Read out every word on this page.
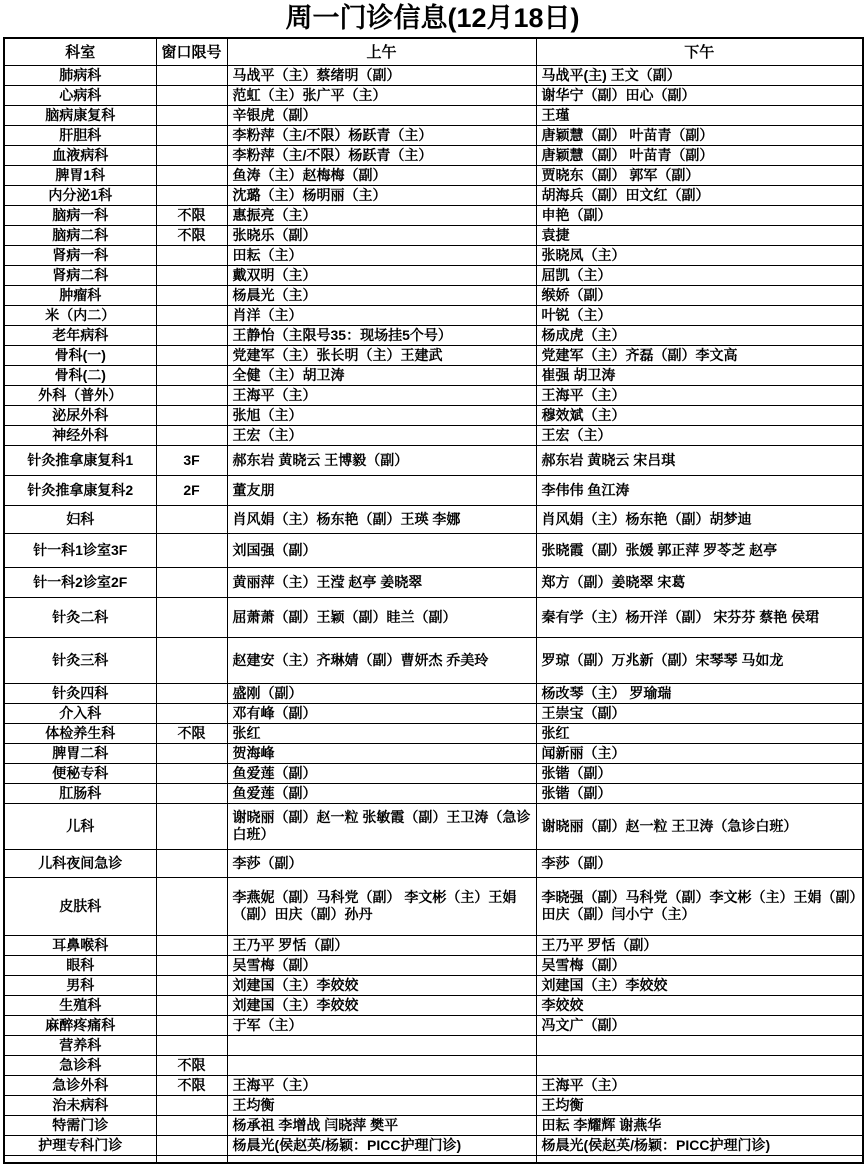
周一门诊信息(12月18日)
科室	窗口限号	上午	下午
肺病科		马战平（主）蔡绪明（副）	马战平(主) 王文（副）
心病科		范虹（主）张广平（主）	谢华宁（副）田心（副）
脑病康复科		辛银虎（副）	王瑾
肝胆科		李粉萍（主/不限）杨跃青（主）	唐颖慧（副） 叶苗青（副）
血液病科		李粉萍（主/不限）杨跃青（主）	唐颖慧（副） 叶苗青（副）
脾胃1科		鱼涛（主）赵梅梅（副）	贾晓东（副） 郭军（副）
内分泌1科		沈璐（主）杨明丽（主）	胡海兵（副）田文红（副）
脑病一科	不限	惠振亮（主）	申艳（副）
脑病二科	不限	张晓乐（副）	袁捷
肾病一科		田耘（主）	张晓凤（主）
肾病二科		戴双明（主）	屈凯（主）
肿瘤科		杨晨光（主）	缑娇（副）
米（内二）		肖洋（主）	叶锐（主）
老年病科		王静怡（主限号35：现场挂5个号）	杨成虎（主）
骨科(一)		党建军（主）张长明（主）王建武	党建军（主）齐磊（副）李文高
骨科(二)		全健（主）胡卫涛	崔强 胡卫涛
外科（普外）		王海平（主）	王海平（主）
泌尿外科		张旭（主）	穆效斌（主）
神经外科		王宏（主）	王宏（主）
针灸推拿康复科1	3F	郝东岩 黄晓云 王博毅（副）	郝东岩 黄晓云 宋吕琪
针灸推拿康复科2	2F	董友朋	李伟伟 鱼江涛
妇科		肖风娟（主）杨东艳（副）王瑛 李娜	肖风娟（主）杨东艳（副）胡梦迪
针一科1诊室3F		刘国强（副）	张晓霞（副）张媛 郭正萍 罗苓芝 赵亭
针一科2诊室2F		黄丽萍（主）王滢 赵亭 姜晓翠	郑方（副）姜晓翠 宋葛
针灸二科		屈萧萧（副）王颖（副）眭兰（副）	秦有学（主）杨开洋（副） 宋芬芬 蔡艳 侯珺
针灸三科		赵建安（主）齐琳婧（副）曹妍杰 乔美玲	罗琼（副）万兆新（副）宋琴琴 马如龙
针灸四科		盛刚（副）	杨改琴（主） 罗瑜瑞
介入科		邓有峰（副）	王崇宝（副）
体检养生科	不限	张红	张红
脾胃二科		贺海峰	闻新丽（主）
便秘专科		鱼爱莲（副）	张锴（副）
肛肠科		鱼爱莲（副）	张锴（副）
儿科		谢晓丽（副）赵一粒 张敏霞（副）王卫涛（急诊白班）	谢晓丽（副）赵一粒 王卫涛（急诊白班）
儿科夜间急诊		李莎（副）	李莎（副）
皮肤科		李燕妮（副）马科党（副） 李文彬（主）王娟（副）田庆（副）孙丹	李晓强（副）马科党（副）李文彬（主）王娟（副）田庆（副）闫小宁（主）
耳鼻喉科		王乃平 罗恬（副）	王乃平 罗恬（副）
眼科		吴雪梅（副）	吴雪梅（副）
男科		刘建国（主）李姣姣	刘建国（主）李姣姣
生殖科		刘建国（主）李姣姣	李姣姣
麻醉疼痛科		于军（主）	冯文广（副）
营养科			
急诊科	不限		
急诊外科	不限	王海平（主）	王海平（主）
治未病科		王均衡	王均衡
特需门诊		杨承祖 李增战 闫晓萍 樊平	田耘 李耀辉 谢燕华
护理专科门诊		杨晨光(侯赵英/杨颖：PICC护理门诊)	杨晨光(侯赵英/杨颖：PICC护理门诊)
